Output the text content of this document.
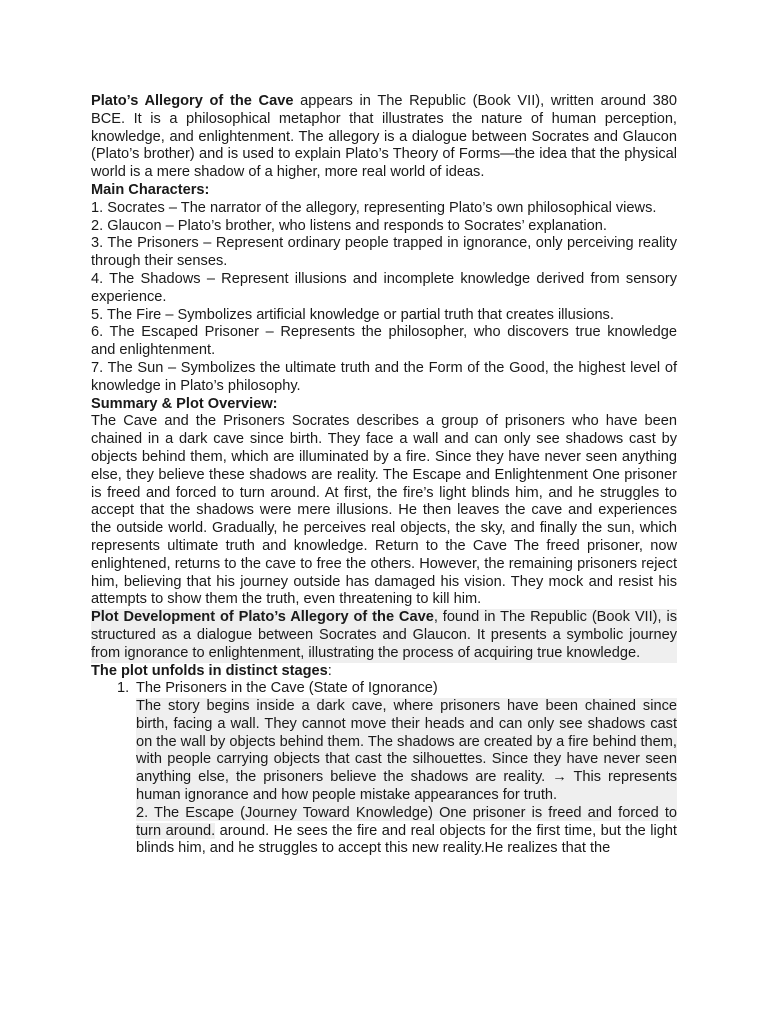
Plato’s Allegory of the Cave appears in The Republic (Book VII), written around 380 BCE. It is a philosophical metaphor that illustrates the nature of human perception, knowledge, and enlightenment. The allegory is a dialogue between Socrates and Glaucon (Plato’s brother) and is used to explain Plato’s Theory of Forms—the idea that the physical world is a mere shadow of a higher, more real world of ideas.

Main Characters:

1. Socrates – The narrator of the allegory, representing Plato’s own philosophical views.

2. Glaucon – Plato’s brother, who listens and responds to Socrates’ explanation.

3. The Prisoners – Represent ordinary people trapped in ignorance, only perceiving reality through their senses.

4. The Shadows – Represent illusions and incomplete knowledge derived from sensory experience.

5. The Fire – Symbolizes artificial knowledge or partial truth that creates illusions.

6. The Escaped Prisoner – Represents the philosopher, who discovers true knowledge and enlightenment.

7. The Sun – Symbolizes the ultimate truth and the Form of the Good, the highest level of knowledge in Plato’s philosophy.

Summary & Plot Overview:

The Cave and the Prisoners Socrates describes a group of prisoners who have been chained in a dark cave since birth. They face a wall and can only see shadows cast by objects behind them, which are illuminated by a fire. Since they have never seen anything else, they believe these shadows are reality. The Escape and Enlightenment One prisoner is freed and forced to turn around. At first, the fire’s light blinds him, and he struggles to accept that the shadows were mere illusions. He then leaves the cave and experiences the outside world. Gradually, he perceives real objects, the sky, and finally the sun, which represents ultimate truth and knowledge. Return to the Cave The freed prisoner, now enlightened, returns to the cave to free the others. However, the remaining prisoners reject him, believing that his journey outside has damaged his vision. They mock and resist his attempts to show them the truth, even threatening to kill him.

Plot Development of Plato’s Allegory of the Cave, found in The Republic (Book VII), is structured as a dialogue between Socrates and Glaucon. It presents a symbolic journey from ignorance to enlightenment, illustrating the process of acquiring true knowledge.

The plot unfolds in distinct stages:

1. The Prisoners in the Cave (State of Ignorance)

The story begins inside a dark cave, where prisoners have been chained since birth, facing a wall. They cannot move their heads and can only see shadows cast on the wall by objects behind them. The shadows are created by a fire behind them, with people carrying objects that cast the silhouettes. Since they have never seen anything else, the prisoners believe the shadows are reality. → This represents human ignorance and how people mistake appearances for truth.

2. The Escape (Journey Toward Knowledge) One prisoner is freed and forced to turn around. around. He sees the fire and real objects for the first time, but the light blinds him, and he struggles to accept this new reality.He realizes that the
